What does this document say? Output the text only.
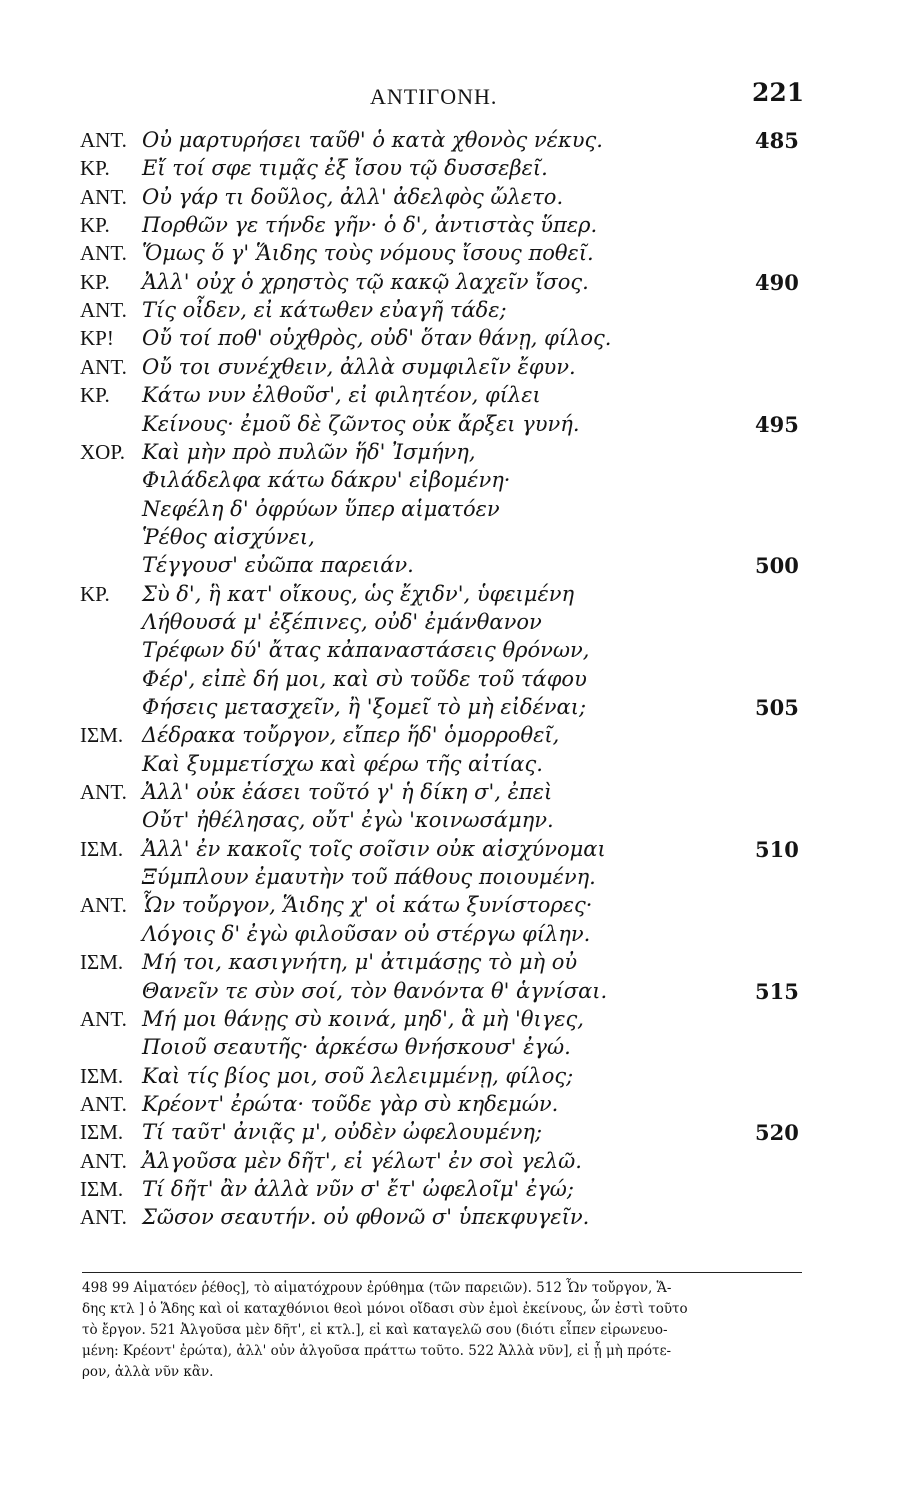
ΑΝΤΙΓΟΝΗ.	221
ΑΝΤ. Οὐ μαρτυρήσει ταῦθ' ὁ κατὰ χθονὸς νέκυς.	485
ΚΡ. Εἴ τοί σφε τιμᾷς ἐξ ἴσου τῷ δυσσεβεῖ.
ΑΝΤ. Οὐ γάρ τι δοῦλος, ἀλλ' ἀδελφὸς ὤλετο.
ΚΡ. Πορθῶν γε τήνδε γῆν· ὁ δ', ἀντιστὰς ὕπερ.
ΑΝΤ. Ὅμως ὅ γ' Ἅιδης τοὺς νόμους ἴσους ποθεῖ.
ΚΡ. Ἀλλ' οὐχ ὁ χρηστὸς τῷ κακῷ λαχεῖν ἴσος.	490
ΑΝΤ. Τίς οἶδεν, εἰ κάτωθεν εὐαγῆ τάδε;
ΚΡ! Οὔ τοί ποθ' οὑχθρὸς, οὐδ' ὅταν θάνῃ, φίλος.
ΑΝΤ. Οὔ τοι συνέχθειν, ἀλλὰ συμφιλεῖν ἔφυν.
ΚΡ. Κάτω νυν ἐλθοῦσ', εἰ φιλητέον, φίλει
Κείνους· ἐμοῦ δὲ ζῶντος οὐκ ἄρξει γυνή.	495
ΧΟΡ. Καὶ μὴν πρὸ πυλῶν ἥδ' Ἰσμήνη,
Φιλάδελφα κάτω δάκρυ' εἰβομένη·
Νεφέλη δ' ὀφρύων ὕπερ αἱματόεν
Ῥέθος αἰσχύνει,
Τέγγουσ' εὐῶπα παρειάν.	500
ΚΡ. Σὺ δ', ἣ κατ' οἴκους, ὡς ἔχιδν', ὑφειμένη
Λήθουσά μ' ἐξέπινες, οὐδ' ἐμάνθανον
Τρέφων δύ' ἄτας κἀπαναστάσεις θρόνων,
Φέρ', εἰπὲ δή μοι, καὶ σὺ τοῦδε τοῦ τάφου
Φήσεις μετασχεῖν, ἢ 'ξομεῖ τὸ μὴ εἰδέναι;	505
ΙΣΜ. Δέδρακα τοὔργον, εἴπερ ἥδ' ὁμορροθεῖ,
Καὶ ξυμμετίσχω καὶ φέρω τῆς αἰτίας.
ΑΝΤ. Ἀλλ' οὐκ ἐάσει τοῦτό γ' ἡ δίκη σ', ἐπεὶ
Οὔτ' ἠθέλησας, οὔτ' ἐγὼ 'κοινωσάμην.
ΙΣΜ. Ἀλλ' ἐν κακοῖς τοῖς σοῖσιν οὐκ αἰσχύνομαι	510
Ξύμπλουν ἐμαυτὴν τοῦ πάθους ποιουμένη.
ΑΝΤ. Ὧν τοὔργον, Ἅιδης χ' οἱ κάτω ξυνίστορες·
Λόγοις δ' ἐγὼ φιλοῦσαν οὐ στέργω φίλην.
ΙΣΜ. Μή τοι, κασιγνήτη, μ' ἀτιμάσῃς τὸ μὴ οὐ
Θανεῖν τε σὺν σοί, τὸν θανόντα θ' ἁγνίσαι.	515
ΑΝΤ. Μή μοι θάνῃς σὺ κοινά, μηδ', ἃ μὴ 'θιγες,
Ποιοῦ σεαυτῆς· ἀρκέσω θνήσκουσ' ἐγώ.
ΙΣΜ. Καὶ τίς βίος μοι, σοῦ λελειμμένῃ, φίλος;
ΑΝΤ. Κρέοντ' ἐρώτα· τοῦδε γὰρ σὺ κηδεμών.
ΙΣΜ. Τί ταῦτ' ἀνιᾷς μ', οὐδὲν ὠφελουμένη;	520
ΑΝΤ. Ἀλγοῦσα μὲν δῆτ', εἰ γέλωτ' ἐν σοὶ γελῶ.
ΙΣΜ. Τί δῆτ' ἂν ἀλλὰ νῦν σ' ἔτ' ὠφελοῖμ' ἐγώ;
ΑΝΤ. Σῶσον σεαυτήν. οὐ φθονῶ σ' ὑπεκφυγεῖν.
498 99 Αἱματόεν ῥέθος], τὸ αἱματόχρουν ἐρύθημα (τῶν παρειῶν). 512 Ὧν τοὔργον, Ἅ-
δης κτλ ] ὁ Ἅδης καὶ οἱ καταχθόνιοι θεοὶ μόνοι οἴδασι σὺν ἐμοὶ ἐκείνους, ὧν ἐστὶ τοῦτο
τὸ ἔργον. 521 Ἀλγοῦσα μὲν δῆτ', εἰ κτλ.], εἰ καὶ καταγελῶ σου (διότι εἶπεν εἰρωνευο-
μένη: Κρέοντ' ἐρώτα), ἀλλ' οὐν ἀλγοῦσα πράττω τοῦτο. 522 Ἀλλὰ νῦν], εἰ ᾗ μὴ πρότε-
ρον, ἀλλὰ νῦν κἂν.
